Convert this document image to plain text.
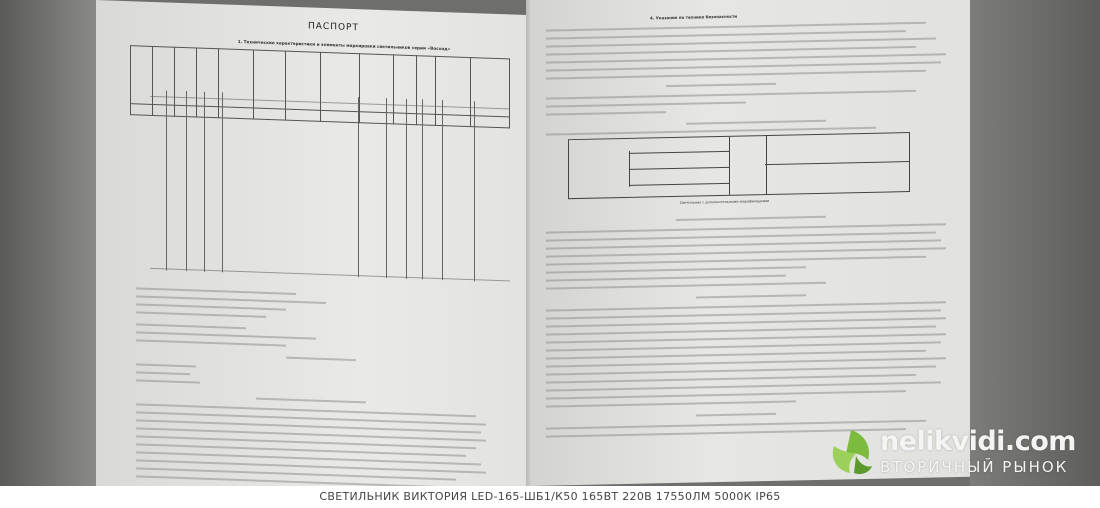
ПАСПОРТ
1. Технические характеристики и элементы маркировки светильников серии «Восход»

4. Указания по технике безопасности
Светильник с дополнительными модификациями
nelikvidi.com
ВТОРИЧНЫЙ РЫНОК
СВЕТИЛЬНИК ВИКТОРИЯ LED-165-ШБ1/К50 165ВТ 220В 17550ЛМ 5000К IP65
